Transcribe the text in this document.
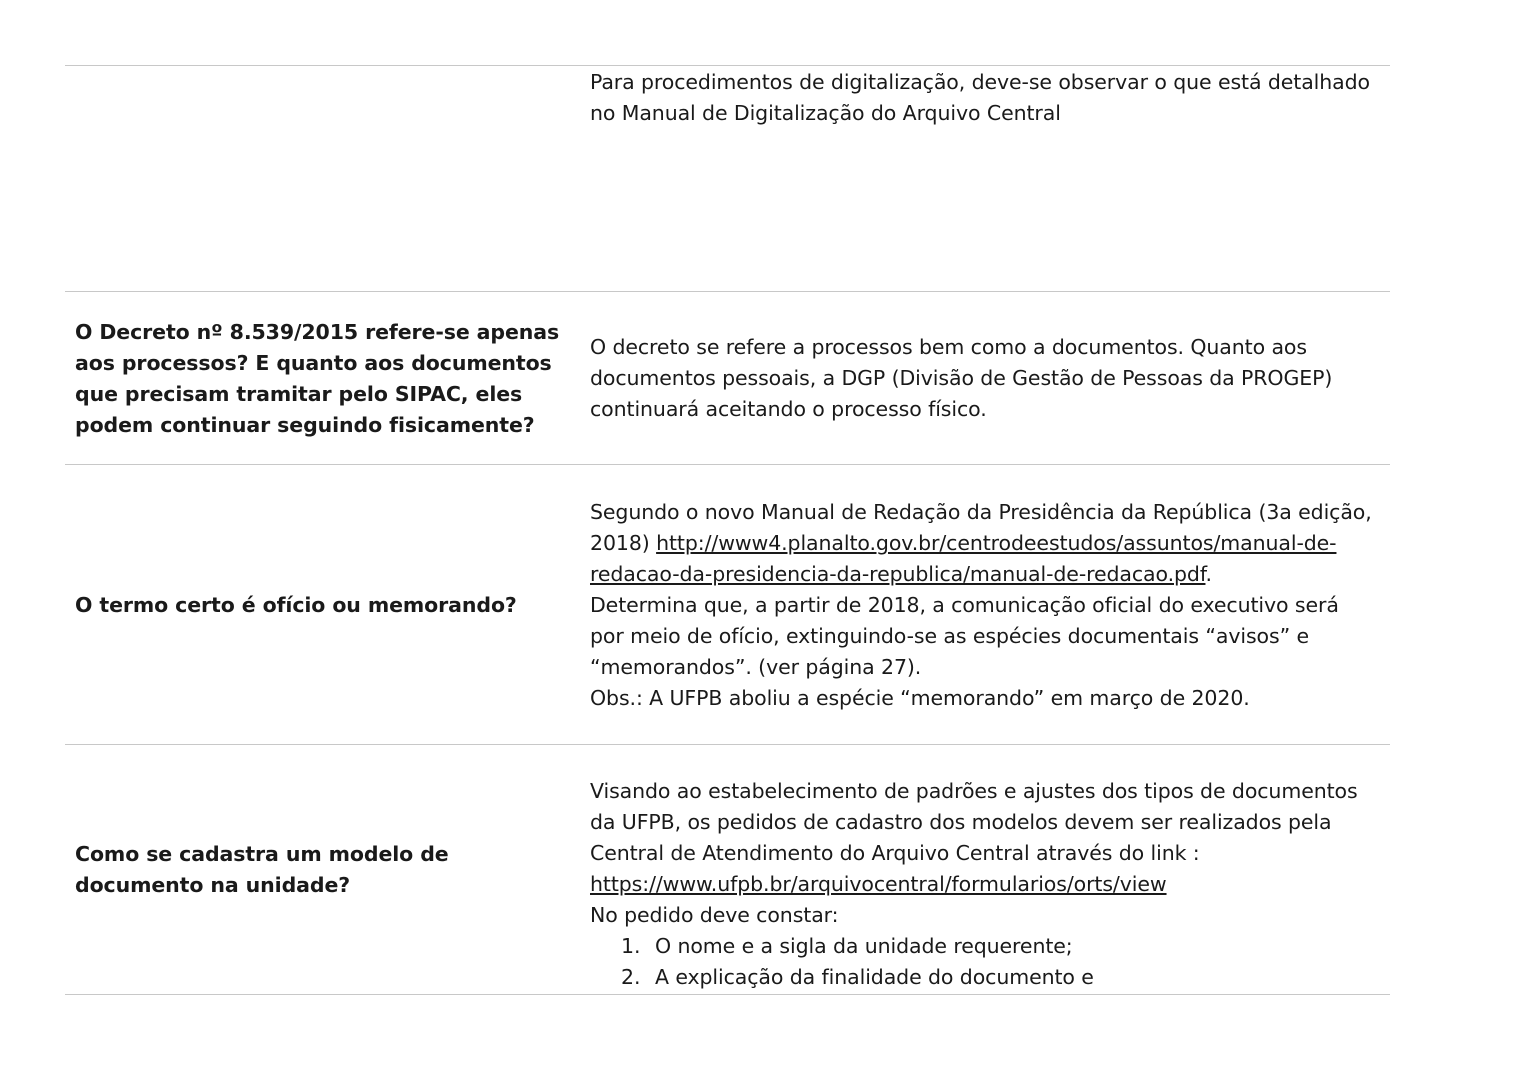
Para procedimentos de digitalização, deve-se observar o que está detalhado
no Manual de Digitalização do Arquivo Central
O Decreto nº 8.539/2015 refere-se apenas
aos processos? E quanto aos documentos
que precisam tramitar pelo SIPAC, eles
podem continuar seguindo fisicamente?
O decreto se refere a processos bem como a documentos. Quanto aos
documentos pessoais, a DGP (Divisão de Gestão de Pessoas da PROGEP)
continuará aceitando o processo físico.
O termo certo é ofício ou memorando?
Segundo o novo Manual de Redação da Presidência da República (3a edição,
2018) http://www4.planalto.gov.br/centrodeestudos/assuntos/manual-de-
redacao-da-presidencia-da-republica/manual-de-redacao.pdf.
Determina que, a partir de 2018, a comunicação oficial do executivo será
por meio de ofício, extinguindo-se as espécies documentais “avisos” e
“memorandos”. (ver página 27).
Obs.: A UFPB aboliu a espécie “memorando” em março de 2020.
Como se cadastra um modelo de
documento na unidade?
Visando ao estabelecimento de padrões e ajustes dos tipos de documentos
da UFPB, os pedidos de cadastro dos modelos devem ser realizados pela
Central de Atendimento do Arquivo Central através do link :
https://www.ufpb.br/arquivocentral/formularios/orts/view
No pedido deve constar:
1. O nome e a sigla da unidade requerente;
2. A explicação da finalidade do documento e
